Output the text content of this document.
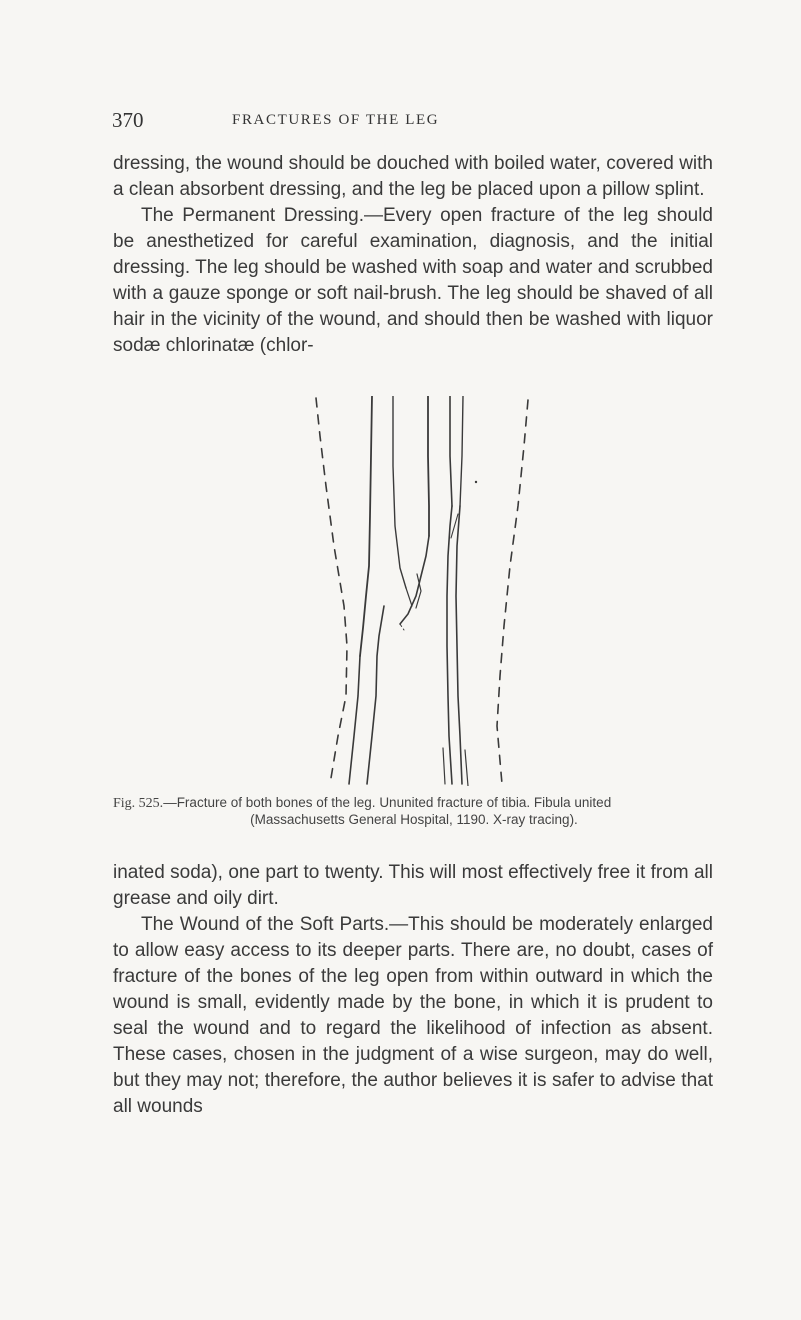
370	FRACTURES OF THE LEG

dressing, the wound should be douched with boiled water, covered with a clean absorbent dressing, and the leg be placed upon a pillow splint.

The Permanent Dressing.—Every open fracture of the leg should be anesthetized for careful examination, diagnosis, and the initial dressing. The leg should be washed with soap and water and scrubbed with a gauze sponge or soft nail-brush. The leg should be shaved of all hair in the vicinity of the wound, and should then be washed with liquor sodæ chlorinatæ (chlor-

Fig. 525.—Fracture of both bones of the leg. Ununited fracture of tibia. Fibula united
(Massachusetts General Hospital, 1190. X-ray tracing).

inated soda), one part to twenty. This will most effectively free it from all grease and oily dirt.

The Wound of the Soft Parts.—This should be moderately enlarged to allow easy access to its deeper parts. There are, no doubt, cases of fracture of the bones of the leg open from within outward in which the wound is small, evidently made by the bone, in which it is prudent to seal the wound and to regard the likelihood of infection as absent. These cases, chosen in the judgment of a wise surgeon, may do well, but they may not; therefore, the author believes it is safer to advise that all wounds
